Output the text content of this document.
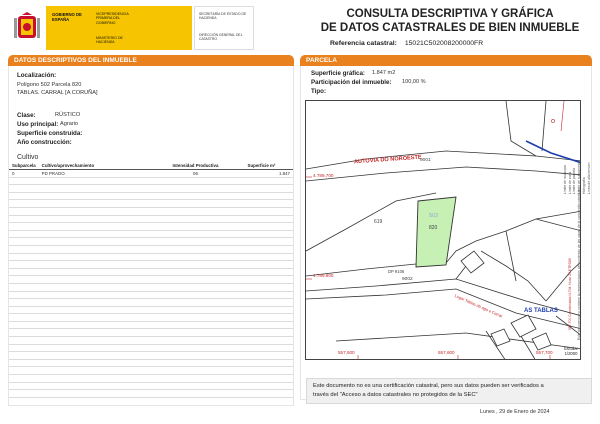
GOBIERNO DE ESPAÑA
VICEPRESIDENCIA PRIMERA DEL GOBIERNO
MINISTERIO DE HACIENDA
SECRETARÍA DE ESTADO DE HACIENDA
DIRECCIÓN GENERAL DEL CATASTRO
CONSULTA DESCRIPTIVA Y GRÁFICA
DE DATOS CATASTRALES DE BIEN INMUEBLE
Referencia catastral: 15021C502008200000FR
DATOS DESCRIPTIVOS DEL INMUEBLE
Localización:
Polígono 502 Parcela 820
TABLAS. CARRAL [A CORUÑA]
Clase:	RÚSTICO
Uso principal: Agrario
Superficie construida:
Año construcción:
Cultivo
Subparcela	Cultivo/aprovechamiento	Intensidad Productiva	Superficie m²
0	PD PRADO	06	1.847

PARCELA
Superficie gráfica: 1.847 m2
Participación del inmueble: 100,00 %
Tipo:
AUTOVIA DO NOROESTE
9001
4.789.700
4.789.600
557,500	557,600	557,700
619
502
820
9002
DP 9106
Lugar Tablas ab ago e Carral	AS TABLAS
Límite de parcela Límite de subparcela
Límite de municipio Límite de zona	Hidrografía Línea de alta tensión
557.700 Coordenadas U.T.M. Huso 29 ETRS89 Este documento no contiene la representación del contenido de las capas de la cartografía catastral
Escala:
1/2000
Este documento no es una certificación catastral, pero sus datos pueden ser verificados a
través del "Acceso a datos catastrales no protegidos de la SEC"
Lunes , 29 de Enero de 2024
